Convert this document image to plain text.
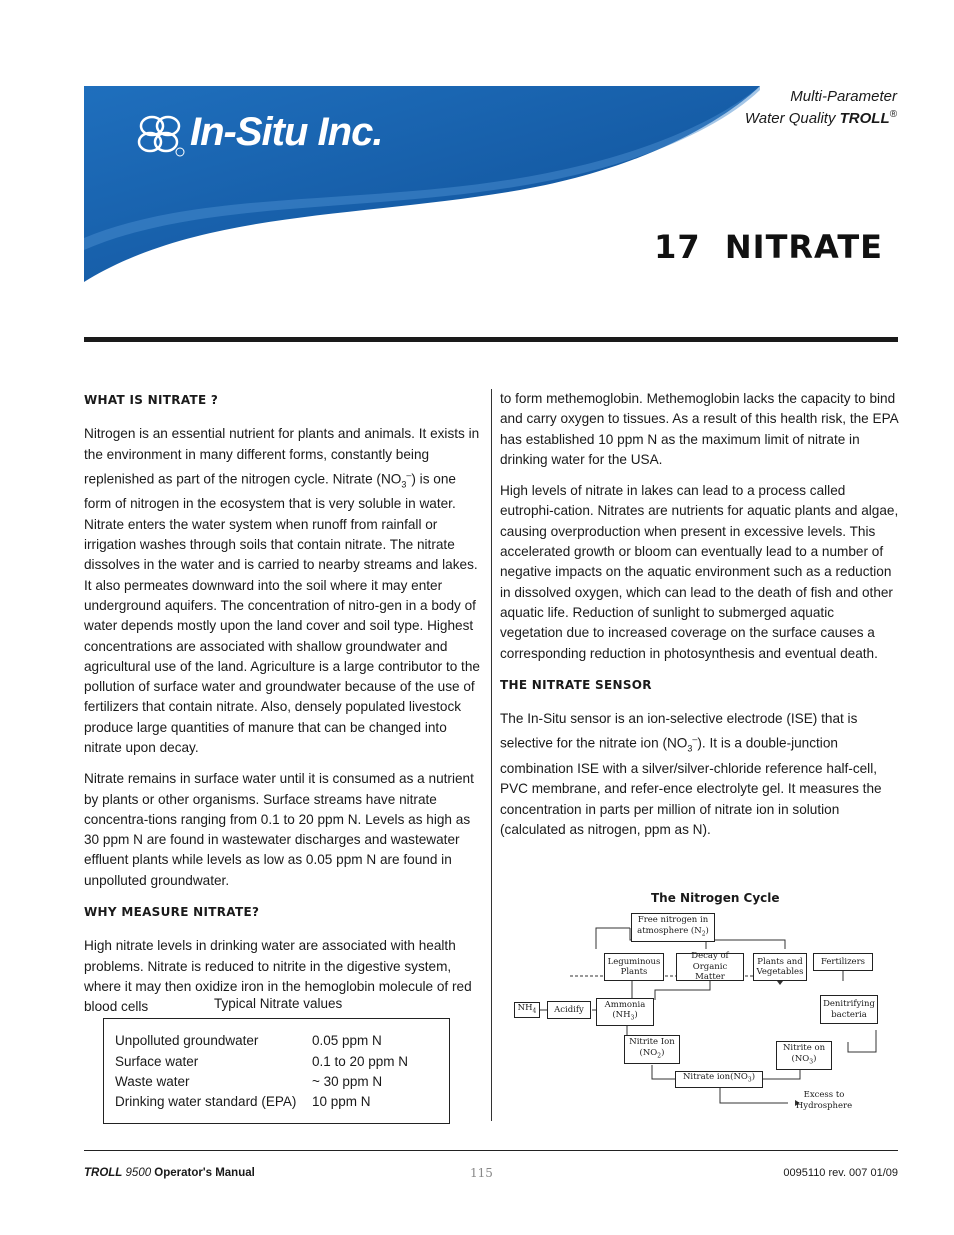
In-Situ Inc.
Multi-Parameter
Water Quality TROLL®
17 NITRATE
WHAT IS NITRATE ?

Nitrogen is an essential nutrient for plants and animals. It exists in the environment in many different forms, constantly being replenished as part of the nitrogen cycle. Nitrate $(NO_3^-)$ is one form of nitrogen in the ecosystem that is very soluble in water. Nitrate enters the water system when runoff from rainfall or irrigation washes through soils that contain nitrate. The nitrate dissolves in the water and is carried to nearby streams and lakes. It also permeates downward into the soil where it may enter underground aquifers. The concentration of nitro-gen in a body of water depends mostly upon the land cover and soil type. Highest concentrations are associated with shallow groundwater and agricultural use of the land. Agriculture is a large contributor to the pollution of surface water and groundwater because of the use of fertilizers that contain nitrate. Also, densely populated livestock produce large quantities of manure that can be changed into nitrate upon decay.

Nitrate remains in surface water until it is consumed as a nutrient by plants or other organisms. Surface streams have nitrate concentra-tions ranging from 0.1 to 20 ppm N. Levels as high as 30 ppm N are found in wastewater discharges and wastewater effluent plants while levels as low as 0.05 ppm N are found in unpolluted groundwater.

WHY MEASURE NITRATE?

High nitrate levels in drinking water are associated with health problems. Nitrate is reduced to nitrite in the digestive system, where it may then oxidize iron in the hemoglobin molecule of red blood cells

to form methemoglobin. Methemoglobin lacks the capacity to bind and carry oxygen to tissues. As a result of this health risk, the EPA has established 10 ppm N as the maximum limit of nitrate in drinking water for the USA.

High levels of nitrate in lakes can lead to a process called eutrophi-cation. Nitrates are nutrients for aquatic plants and algae, causing overproduction when present in excessive levels. This accelerated growth or bloom can eventually lead to a number of negative impacts on the aquatic environment such as a reduction in dissolved oxygen, which can lead to the death of fish and other aquatic life. Reduction of sunlight to submerged aquatic vegetation due to increased coverage on the surface causes a corresponding reduction in photosynthesis and eventual death.

THE NITRATE SENSOR

The In-Situ sensor is an ion-selective electrode (ISE) that is selective for the nitrate ion $(NO_3^-)$. It is a double-junction combination ISE with a silver/silver-chloride reference half-cell, PVC membrane, and refer-ence electrolyte gel. It measures the concentration in parts per million of nitrate ion in solution (calculated as nitrogen, ppm as N).

Typical Nitrate values
Unpolluted groundwater	0.05 ppm N
Surface water	0.1 to 20 ppm N
Waste water	~ 30 ppm N
Drinking water standard (EPA) 10 ppm N
The Nitrogen Cycle
Free nitrogen in
atmosphere $(N_2)$
Leguminous
Plants
Decay of
Organic Matter
Plants and
Vegetables
Fertilizers
$NH_4$ Acidify
Ammonia
$(NH_3)$
Denitrifying
bacteria
Nitrite Ion
$(NO_2)$	Nitrite on
$(NO_3)$
Nitrate $ion(NO_3)$
Excess to
Hydrosphere
TROLL 9500 Operator's Manual	115	0095110 rev. 007 01/09
